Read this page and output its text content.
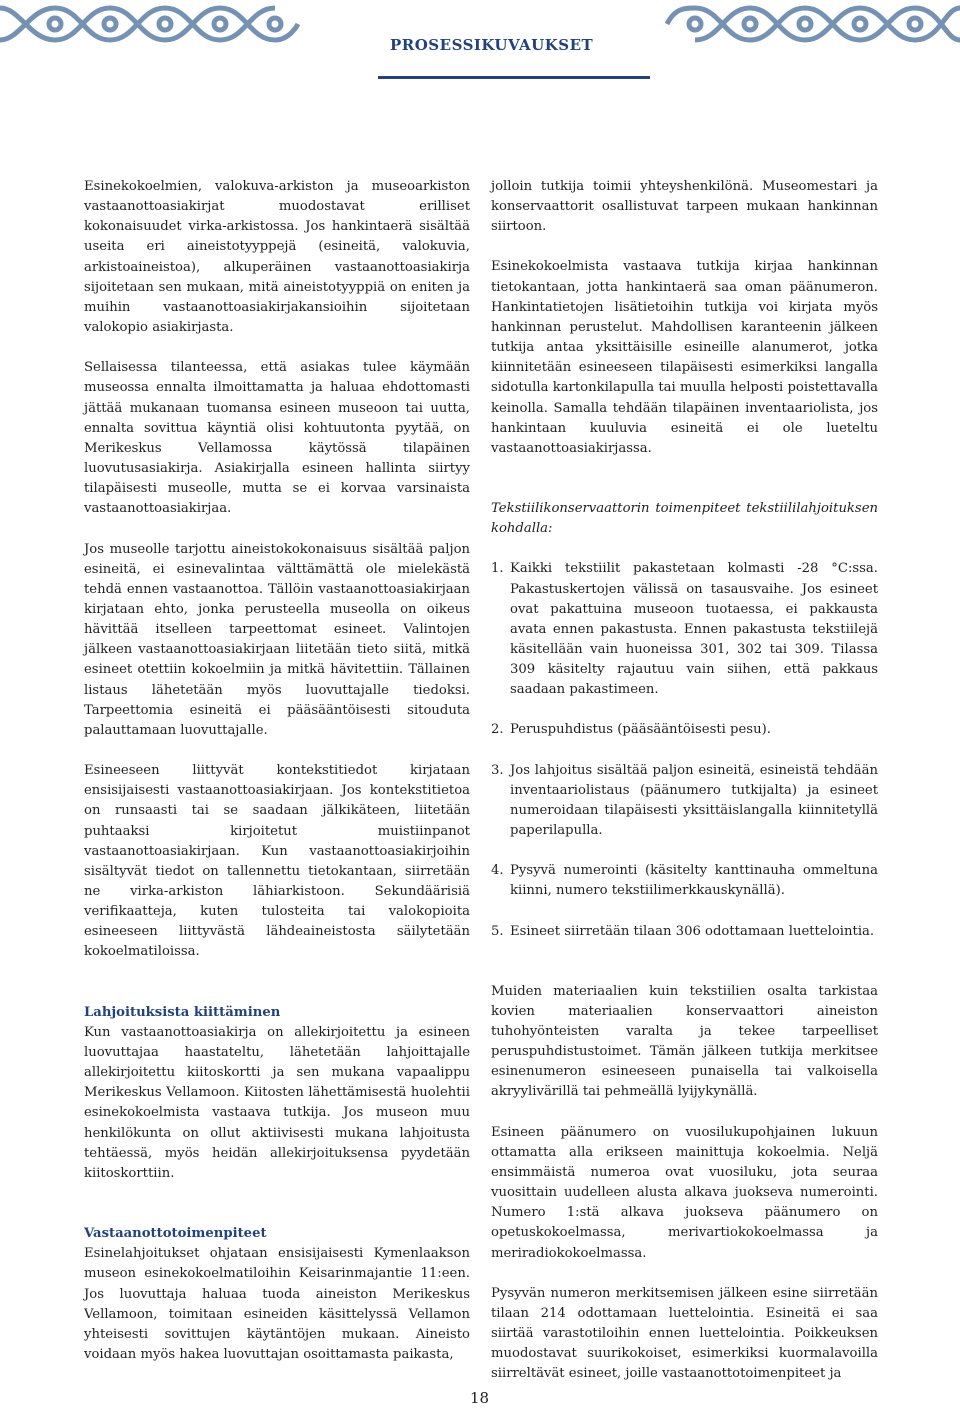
PROSESSIKUVAUKSET

Esinekokoelmien, valokuva-arkiston ja museoarkiston vastaanottoasiakirjat muodostavat erilliset kokonaisuudet virka-arkistossa. Jos hankintaerä sisältää useita eri aineistotyyppejä (esineitä, valokuvia, arkistoaineistoa), alkuperäinen vastaanottoasiakirja sijoitetaan sen mukaan, mitä aineistotyyppiä on eniten ja muihin vastaanottoasiakirjakansioihin sijoitetaan valokopio asiakirjasta.

Sellaisessa tilanteessa, että asiakas tulee käymään museossa ennalta ilmoittamatta ja haluaa ehdottomasti jättää mukanaan tuomansa esineen museoon tai uutta, ennalta sovittua käyntiä olisi kohtuutonta pyytää, on Merikeskus Vellamossa käytössä tilapäinen luovutusasiakirja. Asiakirjalla esineen hallinta siirtyy tilapäisesti museolle, mutta se ei korvaa varsinaista vastaanottoasiakirjaa.

Jos museolle tarjottu aineistokokonaisuus sisältää paljon esineitä, ei esinevalintaa välttämättä ole mielekästä tehdä ennen vastaanottoa. Tällöin vastaanottoasiakirjaan kirjataan ehto, jonka perusteella museolla on oikeus hävittää itselleen tarpeettomat esineet. Valintojen jälkeen vastaanottoasiakirjaan liitetään tieto siitä, mitkä esineet otettiin kokoelmiin ja mitkä hävitettiin. Tällainen listaus lähetetään myös luovuttajalle tiedoksi. Tarpeettomia esineitä ei pääsääntöisesti sitouduta palauttamaan luovuttajalle.

Esineeseen liittyvät kontekstitiedot kirjataan ensisijaisesti vastaanottoasiakirjaan. Jos kontekstitietoa on runsaasti tai se saadaan jälkikäteen, liitetään puhtaaksi kirjoitetut muistiinpanot vastaanottoasiakirjaan. Kun vastaanottoasiakirjoihin sisältyvät tiedot on tallennettu tietokantaan, siirretään ne virka-arkiston lähiarkistoon. Sekundäärisiä verifikaatteja, kuten tulosteita tai valokopioita esineeseen liittyvästä lähdeaineistosta säilytetään kokoelmatiloissa.

Lahjoituksista kiittäminen
Kun vastaanottoasiakirja on allekirjoitettu ja esineen luovuttajaa haastateltu, lähetetään lahjoittajalle allekirjoitettu kiitoskortti ja sen mukana vapaalippu Merikeskus Vellamoon. Kiitosten lähettämisestä huolehtii esinekokoelmista vastaava tutkija. Jos museon muu henkilökunta on ollut aktiivisesti mukana lahjoitusta tehtäessä, myös heidän allekirjoituksensa pyydetään kiitoskorttiin.

Vastaanottotoimenpiteet
Esinelahjoitukset ohjataan ensisijaisesti Kymenlaakson museon esinekokoelmatiloihin Keisarinmajantie 11:een. Jos luovuttaja haluaa tuoda aineiston Merikeskus Vellamoon, toimitaan esineiden käsittelyssä Vellamon yhteisesti sovittujen käytäntöjen mukaan. Aineisto voidaan myös hakea luovuttajan osoittamasta paikasta,

jolloin tutkija toimii yhteyshenkilönä. Museomestari ja konservaattorit osallistuvat tarpeen mukaan hankinnan siirtoon.

Esinekokoelmista vastaava tutkija kirjaa hankinnan tietokantaan, jotta hankintaerä saa oman päänumeron. Hankintatietojen lisätietoihin tutkija voi kirjata myös hankinnan perustelut. Mahdollisen karanteenin jälkeen tutkija antaa yksittäisille esineille alanumerot, jotka kiinnitetään esineeseen tilapäisesti esimerkiksi langalla sidotulla kartonkilapulla tai muulla helposti poistettavalla keinolla. Samalla tehdään tilapäinen inventaariolista, jos hankintaan kuuluvia esineitä ei ole lueteltu vastaanottoasiakirjassa.

Tekstiilikonservaattorin toimenpiteet tekstiililahjoituksen kohdalla:

1. Kaikki tekstiilit pakastetaan kolmasti -28 °C:ssa. Pakastuskertojen välissä on tasausvaihe. Jos esineet ovat pakattuina museoon tuotaessa, ei pakkausta avata ennen pakastusta. Ennen pakastusta tekstiilejä käsitellään vain huoneissa 301, 302 tai 309. Tilassa 309 käsitelty rajautuu vain siihen, että pakkaus saadaan pakastimeen.
2. Peruspuhdistus (pääsääntöisesti pesu).
3. Jos lahjoitus sisältää paljon esineitä, esineistä tehdään inventaariolistaus (päänumero tutkijalta) ja esineet numeroidaan tilapäisesti yksittäislangalla kiinnitetyllä paperilapulla.
4. Pysyvä numerointi (käsitelty kanttinauha ommeltuna kiinni, numero tekstiilimerkkauskynällä).
5. Esineet siirretään tilaan 306 odottamaan luettelointia.

Muiden materiaalien kuin tekstiilien osalta tarkistaa kovien materiaalien konservaattori aineiston tuhohyönteisten varalta ja tekee tarpeelliset peruspuhdistustoimet. Tämän jälkeen tutkija merkitsee esinenumeron esineeseen punaisella tai valkoisella akryylivärillä tai pehmeällä lyijykynällä.

Esineen päänumero on vuosilukupohjainen lukuun ottamatta alla erikseen mainittuja kokoelmia. Neljä ensimmäistä numeroa ovat vuosiluku, jota seuraa vuosittain uudelleen alusta alkava juokseva numerointi. Numero 1:stä alkava juokseva päänumero on opetuskokoelmassa, merivartiokokoelmassa ja meriradiokokoelmassa.

Pysyvän numeron merkitsemisen jälkeen esine siirretään tilaan 214 odottamaan luettelointia. Esineitä ei saa siirtää varastotiloihin ennen luettelointia. Poikkeuksen muodostavat suurikokoiset, esimerkiksi kuormalavoilla siirreltävät esineet, joille vastaanottotoimenpiteet ja

18
